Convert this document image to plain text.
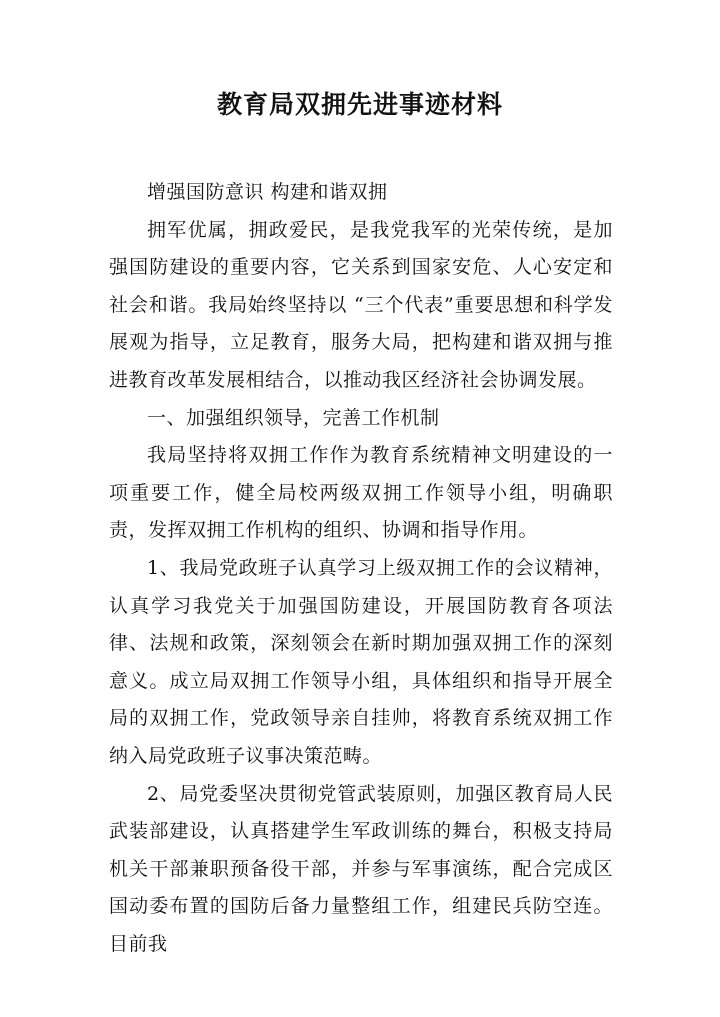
教育局双拥先进事迹材料

增强国防意识 构建和谐双拥

拥军优属，拥政爱民，是我党我军的光荣传统，是加强国防建设的重要内容，它关系到国家安危、人心安定和社会和谐。我局始终坚持以 “三个代表”重要思想和科学发展观为指导，立足教育，服务大局，把构建和谐双拥与推进教育改革发展相结合，以推动我区经济社会协调发展。

一、加强组织领导，完善工作机制

我局坚持将双拥工作作为教育系统精神文明建设的一项重要工作，健全局校两级双拥工作领导小组，明确职责，发挥双拥工作机构的组织、协调和指导作用。

1、我局党政班子认真学习上级双拥工作的会议精神，认真学习我党关于加强国防建设，开展国防教育各项法律、法规和政策，深刻领会在新时期加强双拥工作的深刻意义。成立局双拥工作领导小组，具体组织和指导开展全局的双拥工作，党政领导亲自挂帅，将教育系统双拥工作纳入局党政班子议事决策范畴。

2、局党委坚决贯彻党管武装原则，加强区教育局人民武装部建设，认真搭建学生军政训练的舞台，积极支持局机关干部兼职预备役干部，并参与军事演练，配合完成区国动委布置的国防后备力量整组工作，组建民兵防空连。目前我
